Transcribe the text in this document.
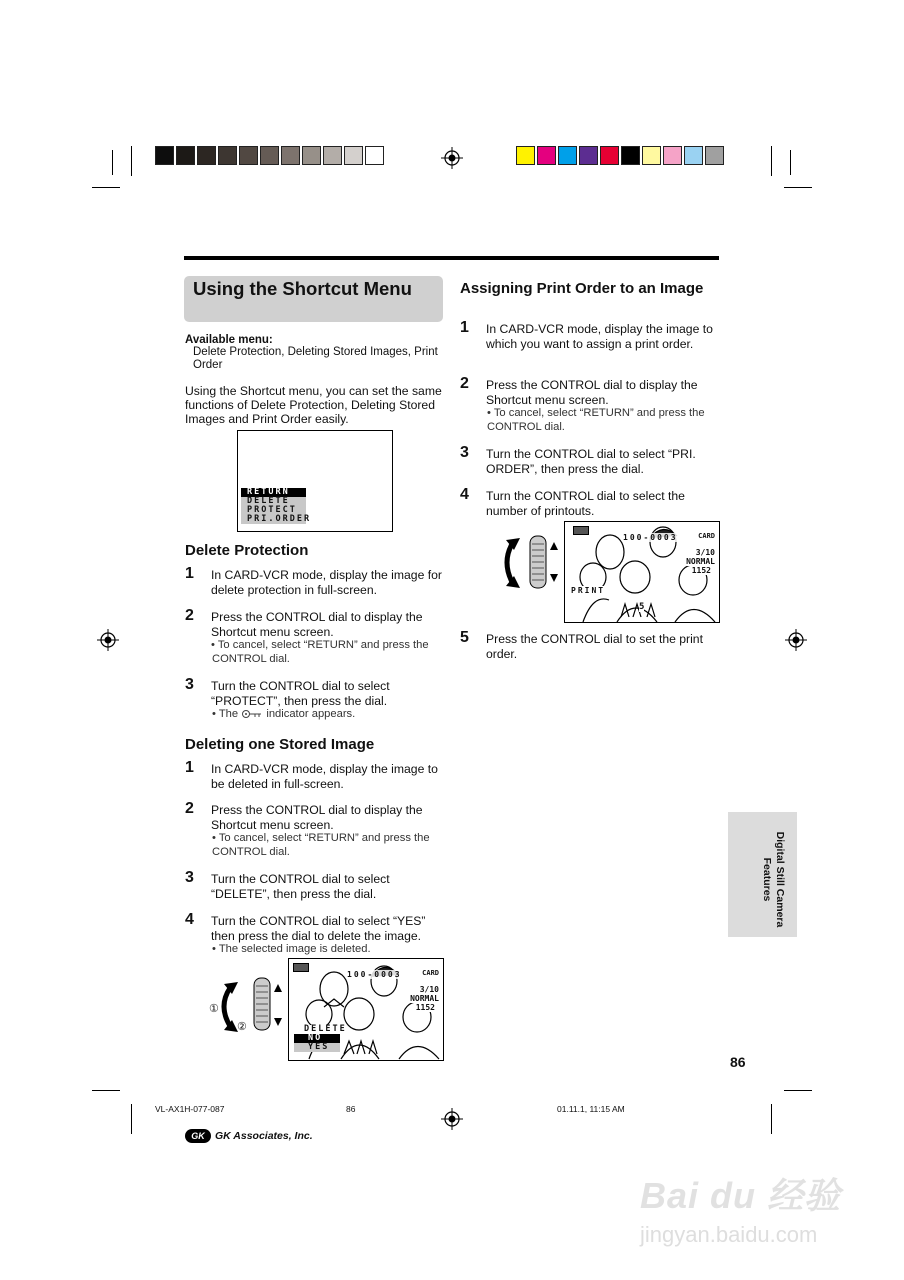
Using the Shortcut Menu
Available menu:
Delete Protection, Deleting Stored Images, Print Order
Using the Shortcut menu, you can set the same functions of Delete Protection, Deleting Stored Images and Print Order easily.
RETURN
DELETE
PROTECT
PRI.ORDER
Delete Protection
1 In CARD-VCR mode, display the image for delete protection in full-screen.
2 Press the CONTROL dial to display the Shortcut menu screen.
• To cancel, select “RETURN” and press the CONTROL dial.
3 Turn the CONTROL dial to select “PROTECT”, then press the dial.
• The	indicator appears.
Deleting one Stored Image
1 In CARD-VCR mode, display the image to be deleted in full-screen.
2 Press the CONTROL dial to display the Shortcut menu screen.
• To cancel, select “RETURN” and press the CONTROL dial.
3 Turn the CONTROL dial to select “DELETE”, then press the dial.
4 Turn the CONTROL dial to select “YES” then press the dial to delete the image.
• The selected image is deleted.
①
②
100-0003	CARD
3/10
NORMAL
1152
DELETE
NO
YES
Assigning Print Order to an Image
1 In CARD-VCR mode, display the image to which you want to assign a print order.
2 Press the CONTROL dial to display the Shortcut menu screen.
• To cancel, select “RETURN” and press the CONTROL dial.
3 Turn the CONTROL dial to select “PRI. ORDER”, then press the dial.
4 Turn the CONTROL dial to select the number of printouts.
100-0003	CARD
3/10
NORMAL
1152
PRINT
5
5 Press the CONTROL dial to set the print order.
Digital Still Camera Features
86
VL-AX1H-077-087	86	01.11.1, 11:15 AM
GK GK Associates, Inc.
Bai du 经验
jingyan.baidu.com
